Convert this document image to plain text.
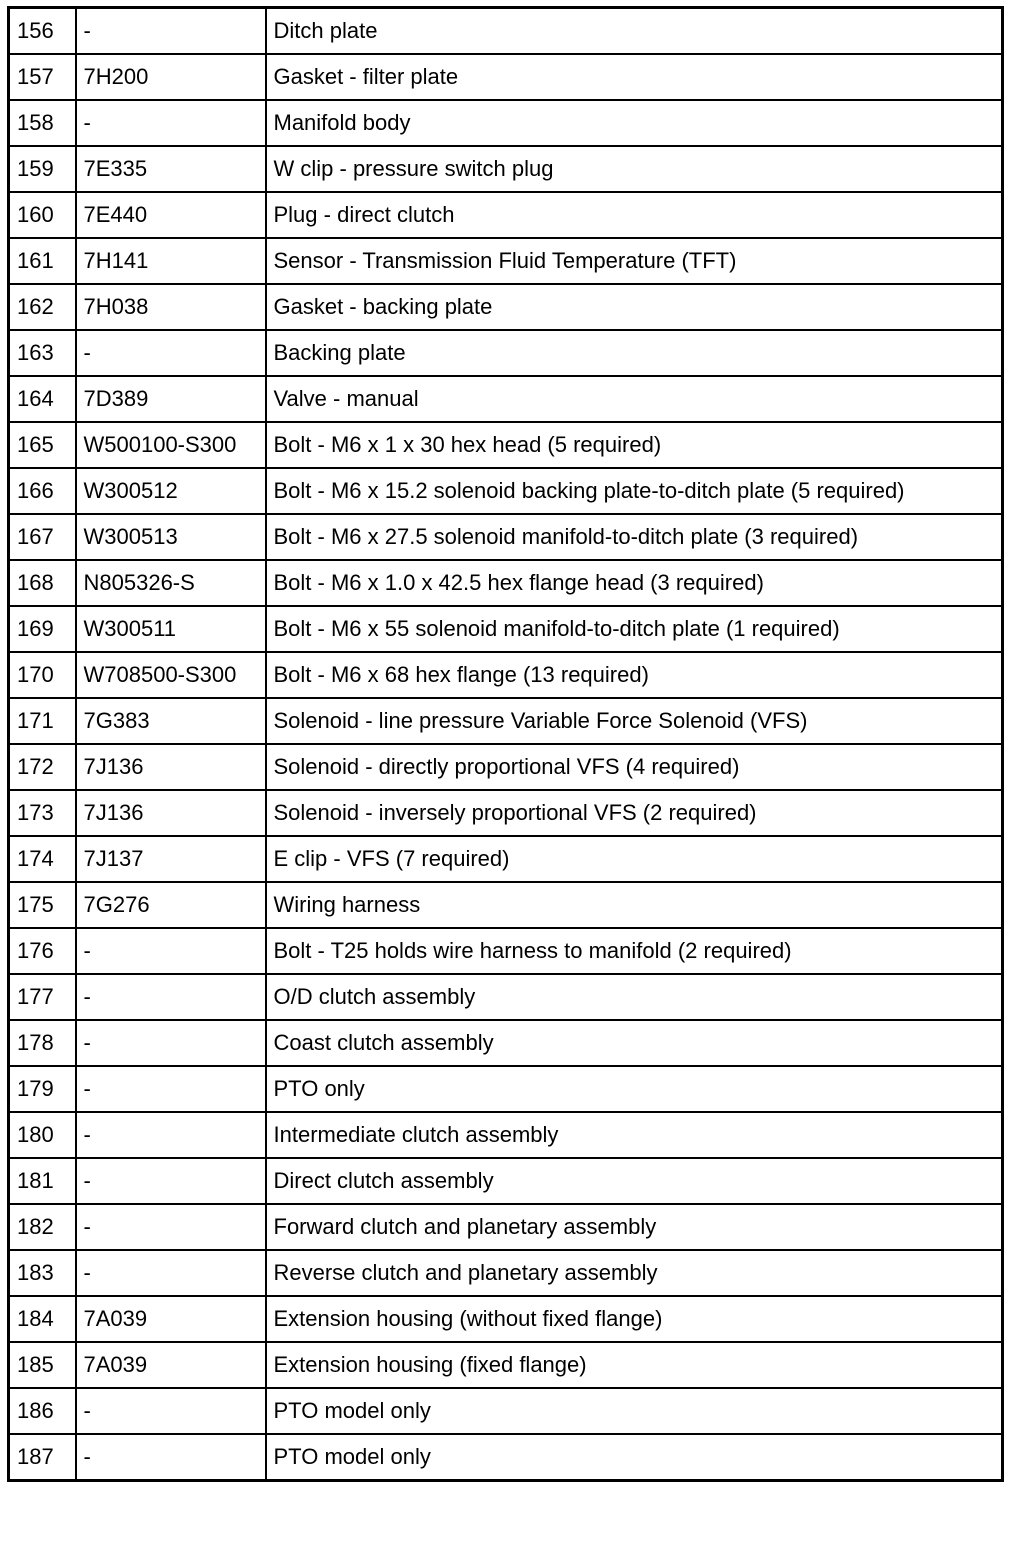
156	-	Ditch plate
157	7H200	Gasket - filter plate
158	-	Manifold body
159	7E335	W clip - pressure switch plug
160	7E440	Plug - direct clutch
161	7H141	Sensor - Transmission Fluid Temperature (TFT)
162	7H038	Gasket - backing plate
163	-	Backing plate
164	7D389	Valve - manual
165	W500100-S300	Bolt - M6 x 1 x 30 hex head (5 required)
166	W300512	Bolt - M6 x 15.2 solenoid backing plate-to-ditch plate (5 required)
167	W300513	Bolt - M6 x 27.5 solenoid manifold-to-ditch plate (3 required)
168	N805326-S	Bolt - M6 x 1.0 x 42.5 hex flange head (3 required)
169	W300511	Bolt - M6 x 55 solenoid manifold-to-ditch plate (1 required)
170	W708500-S300	Bolt - M6 x 68 hex flange (13 required)
171	7G383	Solenoid - line pressure Variable Force Solenoid (VFS)
172	7J136	Solenoid - directly proportional VFS (4 required)
173	7J136	Solenoid - inversely proportional VFS (2 required)
174	7J137	E clip - VFS (7 required)
175	7G276	Wiring harness
176	-	Bolt - T25 holds wire harness to manifold (2 required)
177	-	O/D clutch assembly
178	-	Coast clutch assembly
179	-	PTO only
180	-	Intermediate clutch assembly
181	-	Direct clutch assembly
182	-	Forward clutch and planetary assembly
183	-	Reverse clutch and planetary assembly
184	7A039	Extension housing (without fixed flange)
185	7A039	Extension housing (fixed flange)
186	-	PTO model only
187	-	PTO model only
